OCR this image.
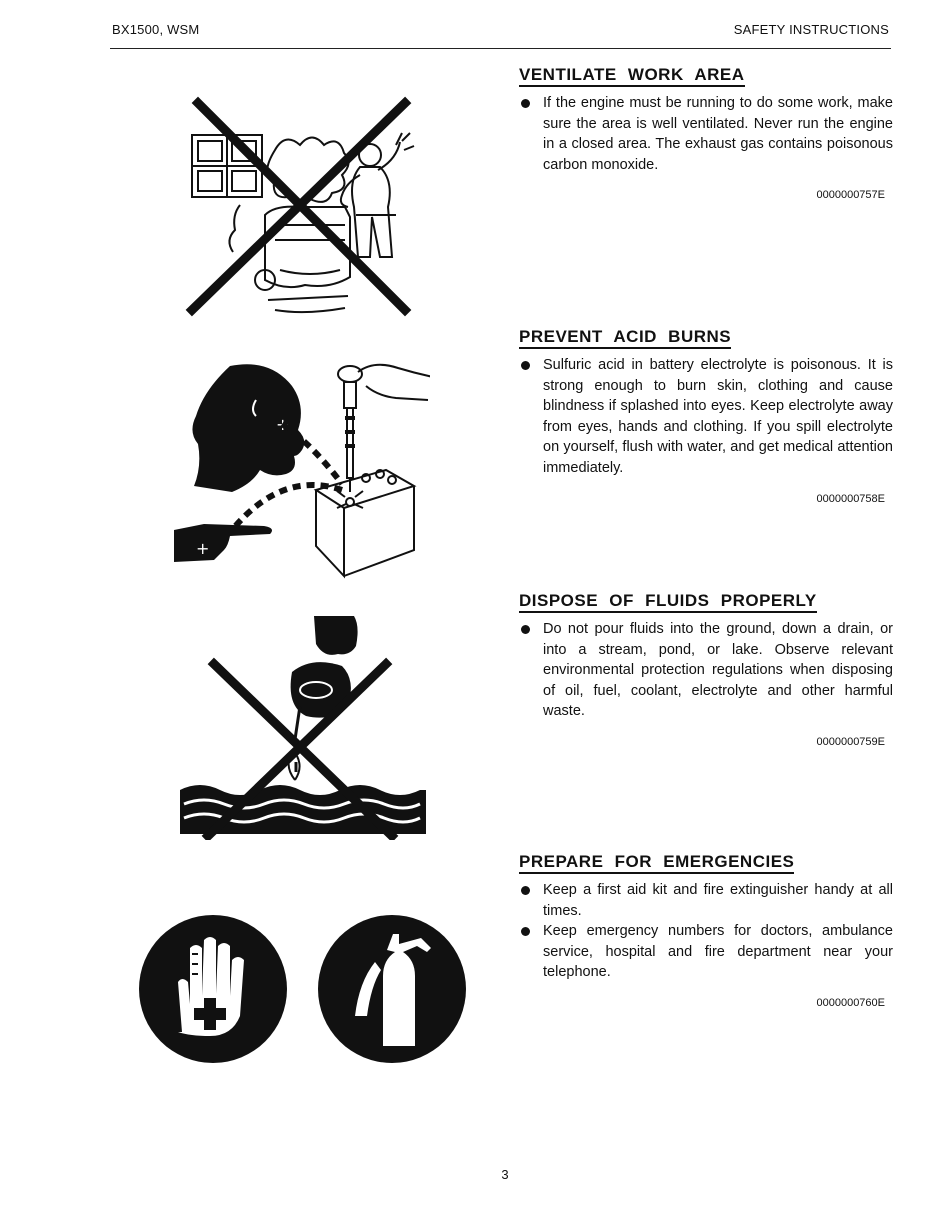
BX1500, WSM	SAFETY INSTRUCTIONS
+
+
VENTILATE WORK AREA
If the engine must be running to do some work, make sure the area is well ventilated. Never run the engine in a closed area. The exhaust gas contains poisonous carbon monoxide.
0000000757E
PREVENT ACID BURNS
Sulfuric acid in battery electrolyte is poisonous. It is strong enough to burn skin, clothing and cause blindness if splashed into eyes. Keep electrolyte away from eyes, hands and clothing. If you spill electrolyte on yourself, flush with water, and get medical attention immediately.
0000000758E
DISPOSE OF FLUIDS PROPERLY
Do not pour fluids into the ground, down a drain, or into a stream, pond, or lake. Observe relevant environmental protection regulations when disposing of oil, fuel, coolant, electrolyte and other harmful waste.
0000000759E
PREPARE FOR EMERGENCIES
Keep a first aid kit and fire extinguisher handy at all times.
Keep emergency numbers for doctors, ambulance service, hospital and fire department near your telephone.
0000000760E
3
